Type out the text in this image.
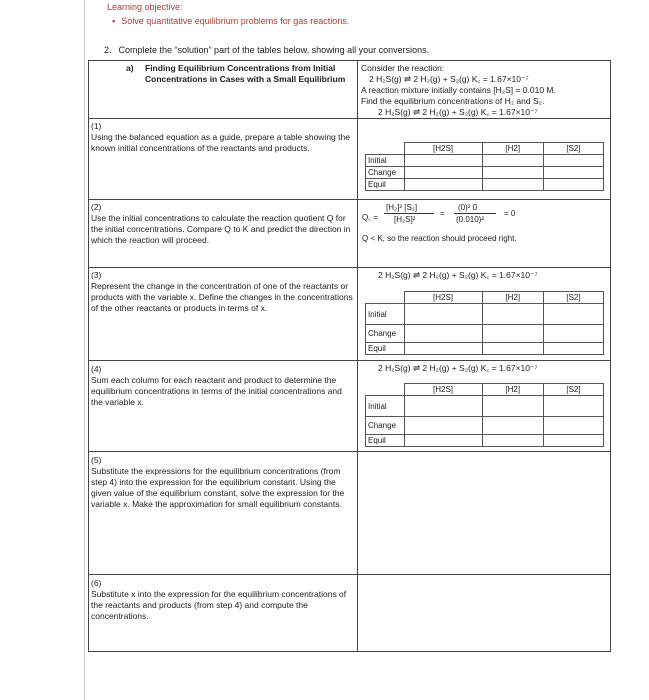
Learning objective:
▪ Solve quantitative equilibrium problems for gas reactions.
2. Complete the “solution” part of the tables below, showing all your conversions.
a) Finding Equilibrium Concentrations from Initial Concentrations in Cases with a Small Equilibrium
Consider the reaction:
2 H₂S(g) ⇌ 2 H₂(g) + S₂(g) K꜀ = 1.67×10⁻⁷
A reaction mixture initially contains [H₂S] = 0.010 M.
Find the equilibrium concentrations of H₂ and S₂.
2 H₂S(g) ⇌ 2 H₂(g) + S₂(g) K꜀ = 1.67×10⁻⁷
(1)
Using the balanced equation as a guide, prepare a table showing the known initial concentrations of the reactants and products.
		[H2S]	[H2]	[S2]
Initial			
Change			
Equil			
(2)
Use the initial concentrations to calculate the reaction quotient Q for the initial concentrations. Compare Q to K and predict the direction in which the reaction will proceed.
Q꜀ =
[H₂]² [S₂]
[H₂S]²
=
(0)² 0
(0.010)²
= 0
Q < K, so the reaction should proceed right.
(3)
Represent the change in the concentration of one of the reactants or products with the variable x. Define the changes in the concentrations of the other reactants or products in terms of x.
2 H₂S(g) ⇌ 2 H₂(g) + S₂(g) K꜀ = 1.67×10⁻⁷
	[H2S]	[H2]	[S2]
Initial			
Change			
Equil			
(4)
Sum each column for each reactant and product to determine the equilibrium concentrations in terms of the initial concentrations and the variable x.
2 H₂S(g) ⇌ 2 H₂(g) + S₂(g) K꜀ = 1.67×10⁻⁷
	[H2S]	[H2]	[S2]
Initial			
Change			
Equil			
(5)
Substitute the expressions for the equilibrium concentrations (from step 4) into the expression for the equilibrium constant. Using the given value of the equilibrium constant, solve the expression for the variable x. Make the approximation for small equilibrium constants.
(6)
Substitute x into the expression for the equilibrium concentrations of the reactants and products (from step 4) and compute the concentrations.
